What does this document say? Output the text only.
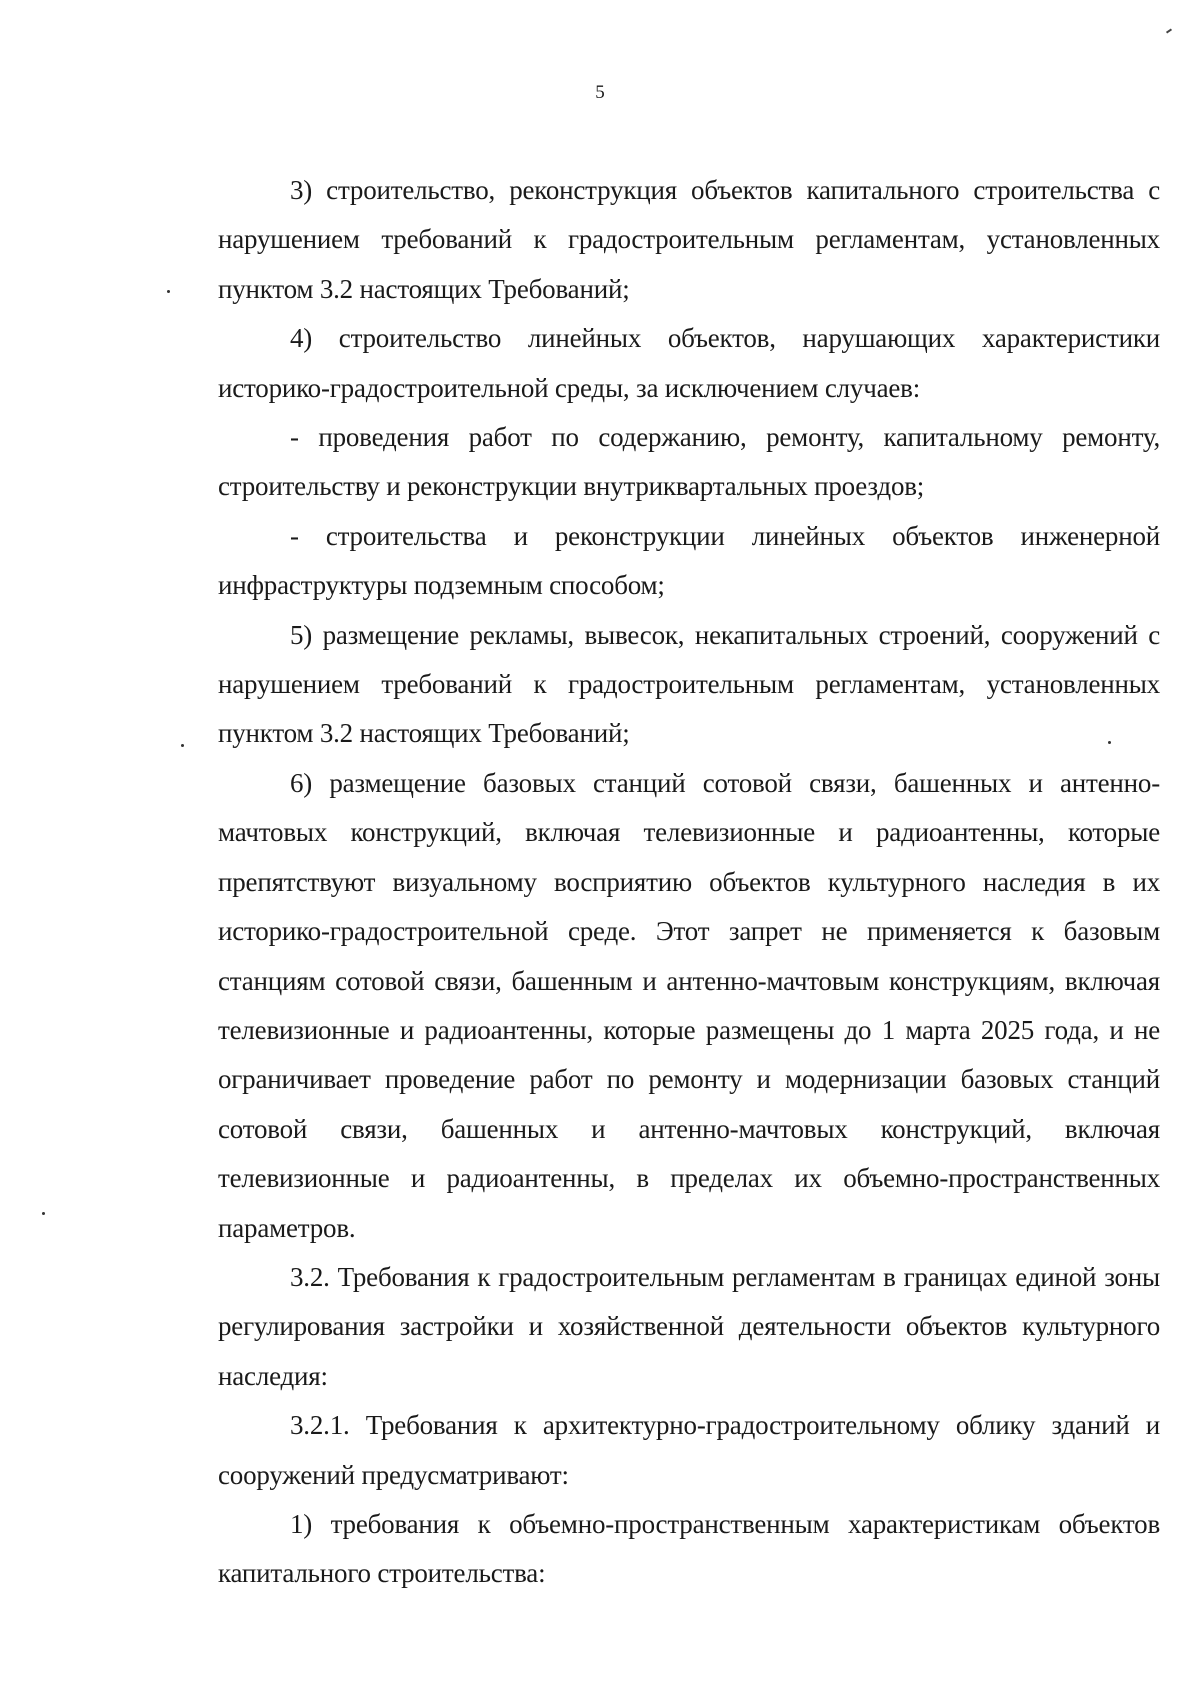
5

3) строительство, реконструкция объектов капитального строительства с нарушением требований к градостроительным регламентам, установленных пунктом 3.2 настоящих Требований;

4) строительство линейных объектов, нарушающих характеристики историко-градостроительной среды, за исключением случаев:

- проведения работ по содержанию, ремонту, капитальному ремонту, строительству и реконструкции внутриквартальных проездов;

- строительства и реконструкции линейных объектов инженерной инфраструктуры подземным способом;

5) размещение рекламы, вывесок, некапитальных строений, сооружений с нарушением требований к градостроительным регламентам, установленных пунктом 3.2 настоящих Требований;

6) размещение базовых станций сотовой связи, башенных и антенно-мачтовых конструкций, включая телевизионные и радиоантенны, которые препятствуют визуальному восприятию объектов культурного наследия в их историко-градостроительной среде. Этот запрет не применяется к базовым станциям сотовой связи, башенным и антенно-мачтовым конструкциям, включая телевизионные и радиоантенны, которые размещены до 1 марта 2025 года, и не ограничивает проведение работ по ремонту и модернизации базовых станций сотовой связи, башенных и антенно-мачтовых конструкций, включая телевизионные и радиоантенны, в пределах их объемно-пространственных параметров.

3.2. Требования к градостроительным регламентам в границах единой зоны регулирования застройки и хозяйственной деятельности объектов культурного наследия:

3.2.1. Требования к архитектурно-градостроительному облику зданий и сооружений предусматривают:

1) требования к объемно-пространственным характеристикам объектов капитального строительства:
